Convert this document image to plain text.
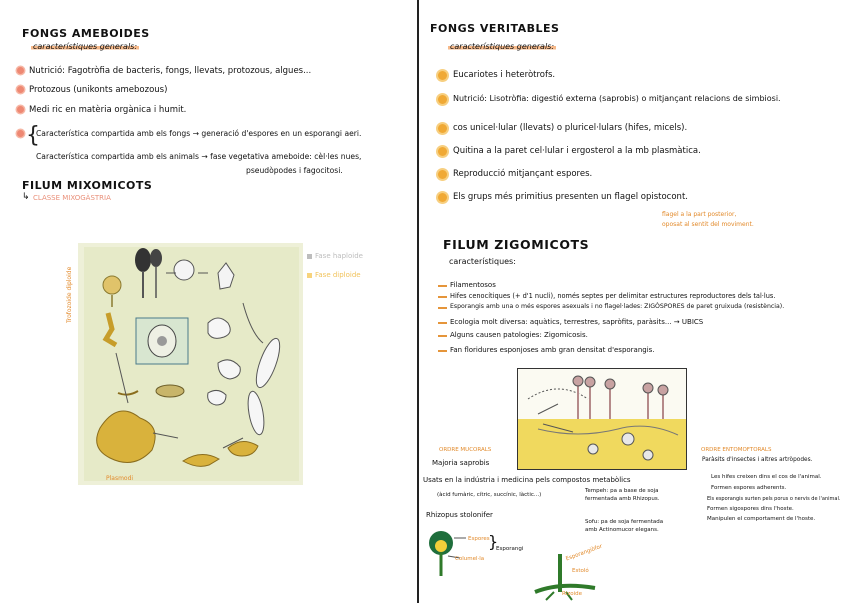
FONGS AMEBOIDES
característiques generals:
Nutrició: Fagotròfia de bacteris, fongs, llevats, protozous, algues...
Protozous (unikonts amebozous)
Medi ric en matèria orgànica i humit.
{
Característica compartida amb els fongs → generació d'espores en un esporangi aeri.
Característica compartida amb els animals → fase vegetativa ameboide: cèl·les nues,
pseudòpodes i fagocitosi.
FILUM MIXOMICOTS
↳ CLASSE MIXOGÀSTRIA
Trofozoide diploide
Plasmodi
Fase haploide
Fase diploide
FONGS VERITABLES
característiques generals:
Eucariotes i heteròtrofs.
Nutrició: Lisotròfia: digestió externa (saprobis) o mitjançant relacions de simbiosi.
cos unicel·lular (llevats) o pluricel·lulars (hifes, micels).
Quitina a la paret cel·lular i ergosterol a la mb plasmàtica.
Reproducció mitjançant espores.
Els grups més primitius presenten un flagel opistocont.
flagel a la part posterior, oposat al sentit del moviment.
FILUM ZIGOMICOTS
característiques:
Filamentosos
Hifes cenocítiques (+ d'1 nucli), només septes per delimitar estructures reproductores dels tal·lus.
Esporangis amb una o més espores asexuals i no flagel·lades: ZIGÒSPORES de paret gruixuda (resistència).
Ecologia molt diversa: aquàtics, terrestres, sapròfits, paràsits... → UBICS
Alguns causen patologies: Zigomicosis.
Fan floridures esponjoses amb gran densitat d'esporangis.
ORDRE MUCORALS
Majoria saprobis
Usats en la indústria i medicina pels compostos metabòlics
(àcid fumàric, cítric, succínic, làctic...)
Tempeh: pa a base de soja fermentada amb Rhizopus.
Sofu: pa de soja fermentada amb Actinomucor elegans.
Rhizopus stolonifer
Espores
Columel·la
}
Esporangi	Esporangiòfor
Estoló
Rizoide
ORDRE ENTOMOFTORALS
Paràsits d'insectes i altres artròpodes.
Les hifes creixen dins el cos de l'animal.
Formen espores adherents.
Els esporangis surten pels porus o nervis de l'animal.
Formen sigospores dins l'hoste.
Manipulen el comportament de l'hoste.
